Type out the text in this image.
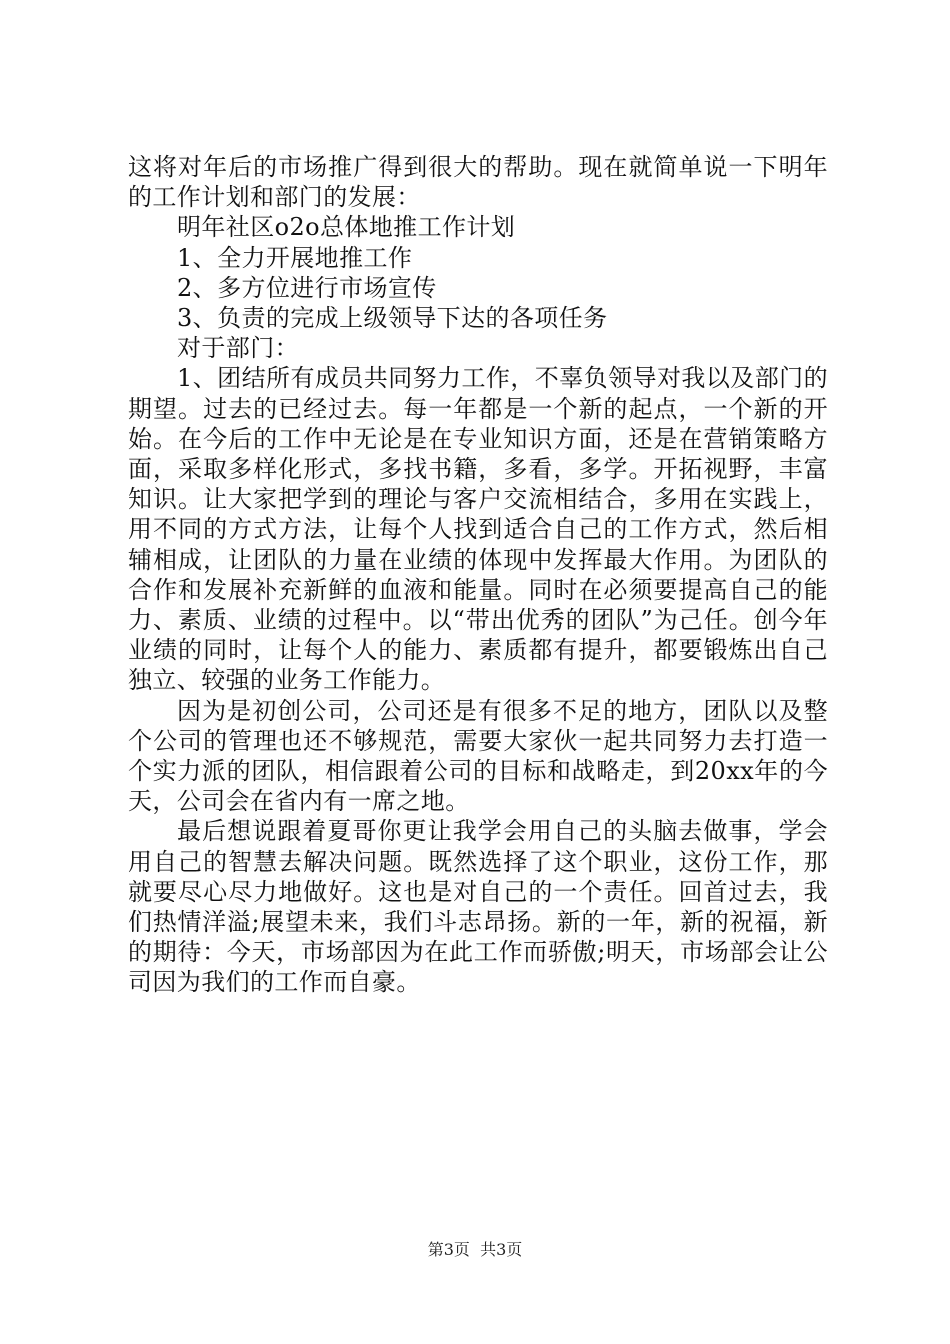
这将对年后的市场推广得到很大的帮助。现在就简单说一下明年的工作计划和部门的发展：

明年社区o2o总体地推工作计划

1、全力开展地推工作

2、多方位进行市场宣传

3、负责的完成上级领导下达的各项任务

对于部门：

1、团结所有成员共同努力工作，不辜负领导对我以及部门的期望。过去的已经过去。每一年都是一个新的起点，一个新的开始。在今后的工作中无论是在专业知识方面，还是在营销策略方面，采取多样化形式，多找书籍，多看，多学。开拓视野，丰富知识。让大家把学到的理论与客户交流相结合，多用在实践上，用不同的方式方法，让每个人找到适合自己的工作方式，然后相辅相成，让团队的力量在业绩的体现中发挥最大作用。为团队的合作和发展补充新鲜的血液和能量。同时在必须要提高自己的能力、素质、业绩的过程中。以“带出优秀的团队”为己任。创今年业绩的同时，让每个人的能力、素质都有提升，都要锻炼出自己独立、较强的业务工作能力。

因为是初创公司，公司还是有很多不足的地方，团队以及整个公司的管理也还不够规范，需要大家伙一起共同努力去打造一个实力派的团队，相信跟着公司的目标和战略走，到20xx年的今天，公司会在省内有一席之地。

最后想说跟着夏哥你更让我学会用自己的头脑去做事，学会用自己的智慧去解决问题。既然选择了这个职业，这份工作，那就要尽心尽力地做好。这也是对自己的一个责任。回首过去，我们热情洋溢;展望未来，我们斗志昂扬。新的一年，新的祝福，新的期待：今天，市场部因为在此工作而骄傲;明天，市场部会让公司因为我们的工作而自豪。

第3页  共3页
